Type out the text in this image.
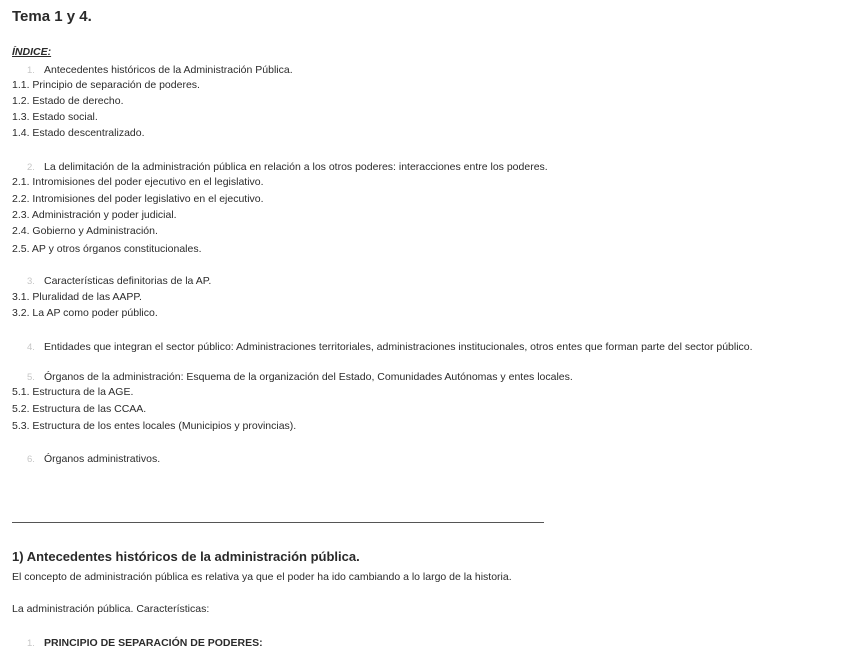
Tema 1 y 4.
ÍNDICE:
1. Antecedentes históricos de la Administración Pública.
1.1. Principio de separación de poderes.
1.2. Estado de derecho.
1.3. Estado social.
1.4. Estado descentralizado.
2. La delimitación de la administración pública en relación a los otros poderes: interacciones entre los poderes.
2.1. Intromisiones del poder ejecutivo en el legislativo.
2.2. Intromisiones del poder legislativo en el ejecutivo.
2.3. Administración y poder judicial.
2.4. Gobierno y Administración.
2.5. AP y otros órganos constitucionales.
3. Características definitorias de la AP.
3.1. Pluralidad de las AAPP.
3.2. La AP como poder público.
4. Entidades que integran el sector público: Administraciones territoriales, administraciones institucionales, otros entes que forman parte del sector público.
5. Órganos de la administración: Esquema de la organización del Estado, Comunidades Autónomas y entes locales.
5.1. Estructura de la AGE.
5.2. Estructura de las CCAA.
5.3. Estructura de los entes locales (Municipios y provincias).
6. Órganos administrativos.
1) Antecedentes históricos de la administración pública.
El concepto de administración pública es relativa ya que el poder ha ido cambiando a lo largo de la historia.
La administración pública. Características:
1. PRINCIPIO DE SEPARACIÓN DE PODERES:
